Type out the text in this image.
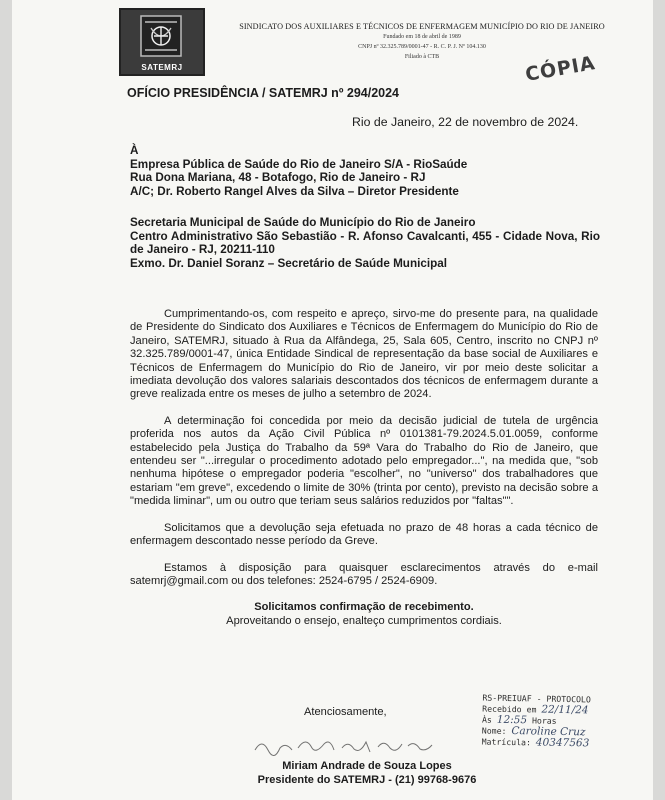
SATEMRJ
SINDICATO DOS AUXILIARES E TÉCNICOS DE ENFERMAGEM MUNICÍPIO DO RIO DE JANEIRO
Fundado em 18 de abril de 1989
CNPJ nº 32.325.789/0001-47 - R. C. P. J. Nº 104.130
Filiado à CTB	CÓPIA
OFÍCIO PRESIDÊNCIA / SATEMRJ nº 294/2024
Rio de Janeiro, 22 de novembro de 2024.
À
Empresa Pública de Saúde do Rio de Janeiro S/A - RioSaúde
Rua Dona Mariana, 48 - Botafogo, Rio de Janeiro - RJ
A/C; Dr. Roberto Rangel Alves da Silva – Diretor Presidente
Secretaria Municipal de Saúde do Município do Rio de Janeiro
Centro Administrativo São Sebastião - R. Afonso Cavalcanti, 455 - Cidade Nova, Rio de Janeiro - RJ, 20211-110
Exmo. Dr. Daniel Soranz – Secretário de Saúde Municipal

Cumprimentando-os, com respeito e apreço, sirvo-me do presente para, na qualidade de Presidente do Sindicato dos Auxiliares e Técnicos de Enfermagem do Município do Rio de Janeiro, SATEMRJ, situado à Rua da Alfândega, 25, Sala 605, Centro, inscrito no CNPJ nº 32.325.789/0001-47, única Entidade Sindical de representação da base social de Auxiliares e Técnicos de Enfermagem do Município do Rio de Janeiro, vir por meio deste solicitar a imediata devolução dos valores salariais descontados dos técnicos de enfermagem durante a greve realizada entre os meses de julho a setembro de 2024.

A determinação foi concedida por meio da decisão judicial de tutela de urgência proferida nos autos da Ação Civil Pública nº 0101381-79.2024.5.01.0059, conforme estabelecido pela Justiça do Trabalho da 59ª Vara do Trabalho do Rio de Janeiro, que entendeu ser "...irregular o procedimento adotado pelo empregador...", na medida que, "sob nenhuma hipótese o empregador poderia "escolher", no "universo" dos trabalhadores que estariam "em greve", excedendo o limite de 30% (trinta por cento), previsto na decisão sobre a "medida liminar", um ou outro que teriam seus salários reduzidos por "faltas"".

Solicitamos que a devolução seja efetuada no prazo de 48 horas a cada técnico de enfermagem descontado nesse período da Greve.

Estamos à disposição para quaisquer esclarecimentos através do e-mail satemrj@gmail.com ou dos telefones: 2524-6795 / 2524-6909.

Solicitamos confirmação de recebimento.

Aproveitando o ensejo, enalteço cumprimentos cordiais.

Atenciosamente,
Miriam Andrade de Souza Lopes
Presidente do SATEMRJ - (21) 99768-9676
RS-PREIUAF - PROTOCOLO
Recebido em 22/11/24
Às 12:55 Horas
Nome: Caroline Cruz
Matrícula: 40347563
